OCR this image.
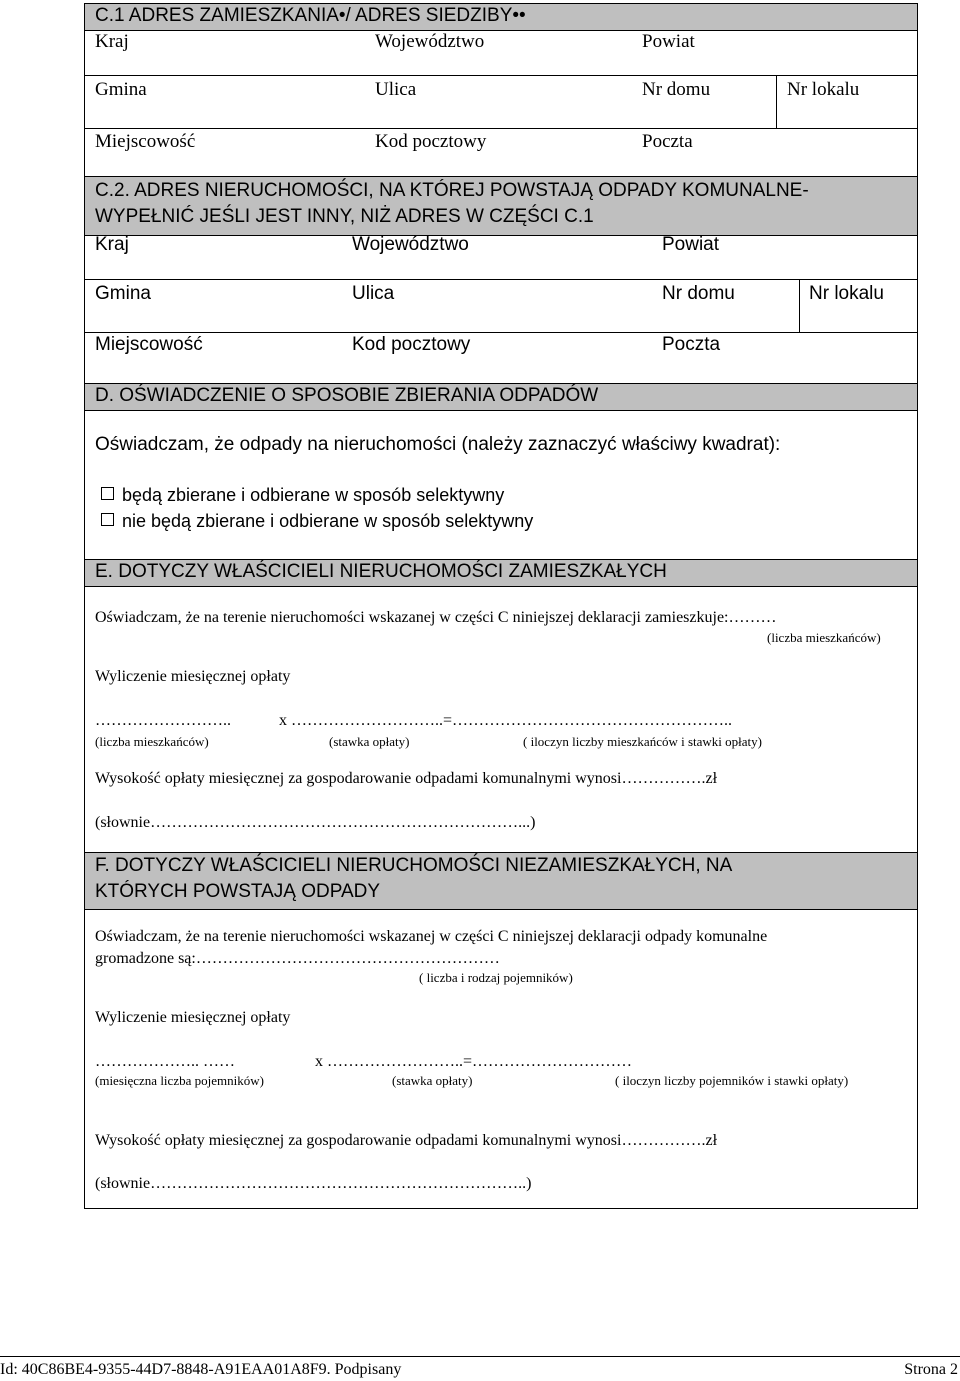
C.1 ADRES ZAMIESZKANIA•/ ADRES SIEDZIBY••
Kraj	Województwo	Powiat
Gmina	Ulica	Nr domu	Nr lokalu
Miejscowość	Kod pocztowy	Poczta
C.2. ADRES NIERUCHOMOŚCI, NA KTÓREJ POWSTAJĄ ODPADY KOMUNALNE-
WYPEŁNIĆ JEŚLI JEST INNY, NIŻ ADRES W CZĘŚCI C.1
Kraj	Województwo	Powiat
Gmina	Ulica	Nr domu	Nr lokalu
Miejscowość	Kod pocztowy	Poczta
D. OŚWIADCZENIE O SPOSOBIE ZBIERANIA ODPADÓW
Oświadczam, że odpady na nieruchomości (należy zaznaczyć właściwy kwadrat):
będą zbierane i odbierane w sposób selektywny
nie będą zbierane i odbierane w sposób selektywny
E. DOTYCZY WŁAŚCICIELI NIERUCHOMOŚCI ZAMIESZKAŁYCH
Oświadczam, że na terenie nieruchomości wskazanej w części C niniejszej deklaracji zamieszkuje:………
(liczba mieszkańców)
Wyliczenie miesięcznej opłaty
……………………..	x ………………………..=……………………………………………..
(liczba mieszkańców)	(stawka opłaty)	( iloczyn liczby mieszkańców i stawki opłaty)
Wysokość opłaty miesięcznej za gospodarowanie odpadami komunalnymi wynosi…………….zł
(słownie……………………………………………………………...)
F. DOTYCZY WŁAŚCICIELI NIERUCHOMOŚCI NIEZAMIESZKAŁYCH, NA
KTÓRYCH POWSTAJĄ ODPADY
Oświadczam, że na terenie nieruchomości wskazanej w części C niniejszej deklaracji odpady komunalne
gromadzone są:…………………………………………………
( liczba i rodzaj pojemników)
Wyliczenie miesięcznej opłaty
……………….. ……	x ……………………..=…………………………
(miesięczna liczba pojemników)	(stawka opłaty)	( iloczyn liczby pojemników i stawki opłaty)
Wysokość opłaty miesięcznej za gospodarowanie odpadami komunalnymi wynosi…………….zł
(słownie……………………………………………………………..)
Id: 40C86BE4-9355-44D7-8848-A91EAA01A8F9. Podpisany	Strona 2
